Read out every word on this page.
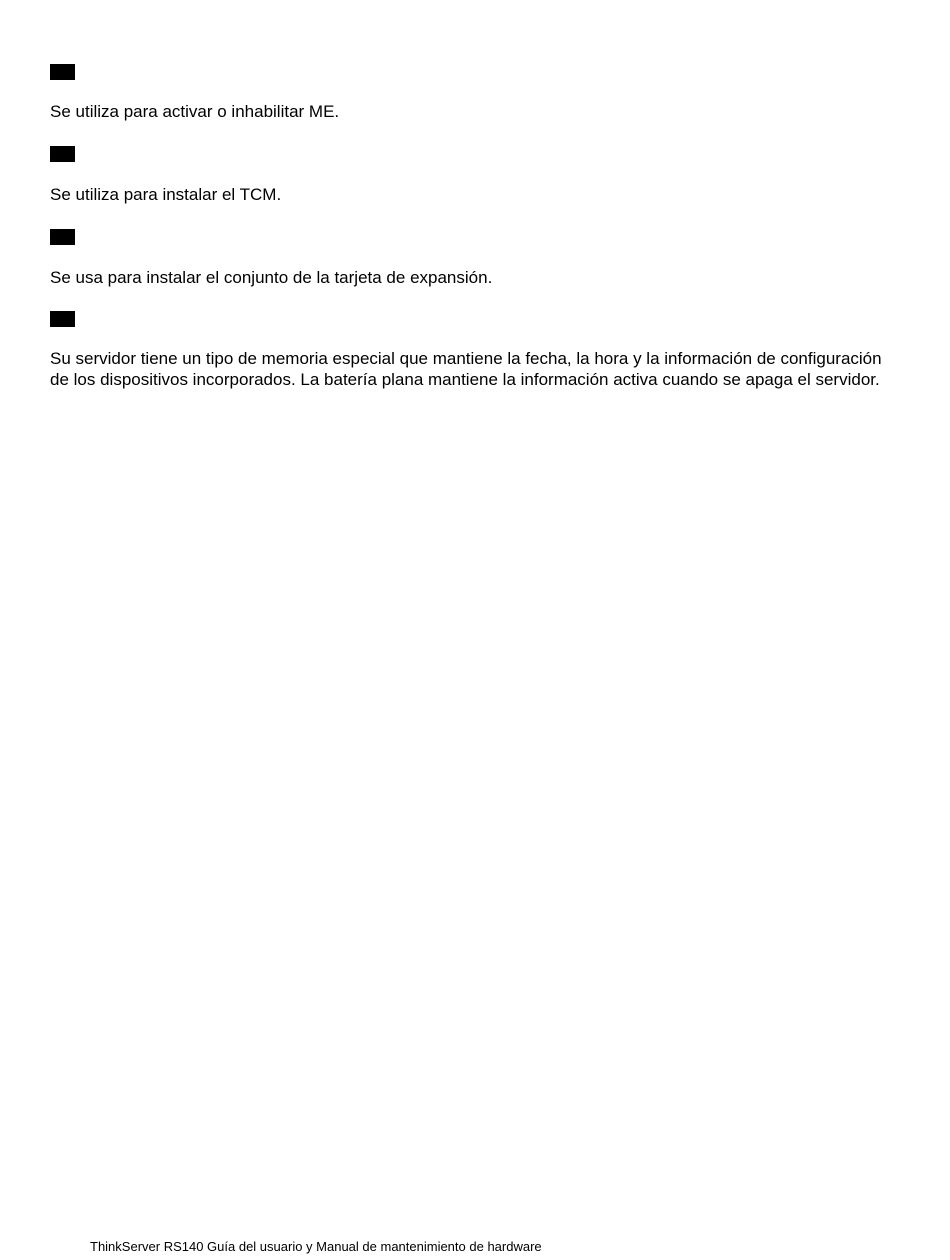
Se utiliza para activar o inhabilitar ME.

Se utiliza para instalar el TCM.

Se usa para instalar el conjunto de la tarjeta de expansión.

Su servidor tiene un tipo de memoria especial que mantiene la fecha, la hora y la información de configuración de los dispositivos incorporados. La batería plana mantiene la información activa cuando se apaga el servidor.

ThinkServer RS140 Guía del usuario y Manual de mantenimiento de hardware
